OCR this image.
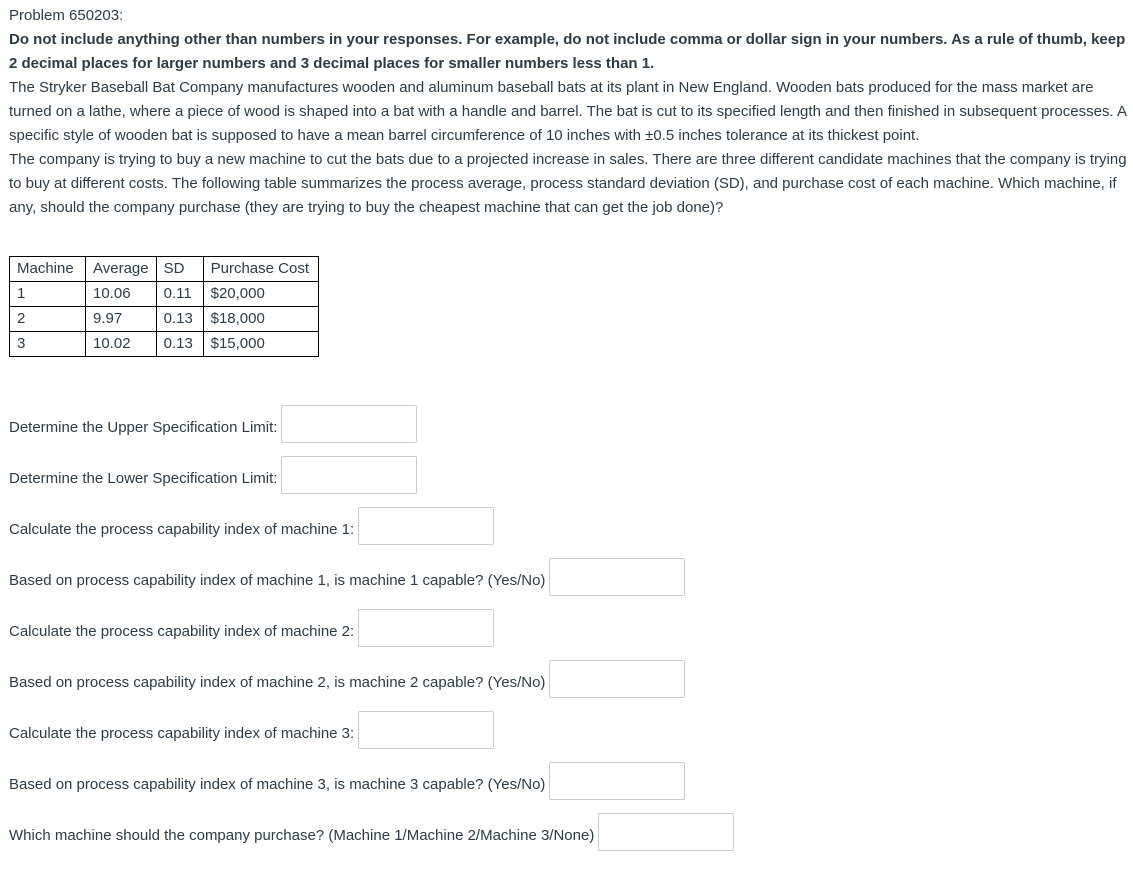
Problem 650203:

Do not include anything other than numbers in your responses. For example, do not include comma or dollar sign in your numbers. As a rule of thumb, keep 2 decimal places for larger numbers and 3 decimal places for smaller numbers less than 1.

The Stryker Baseball Bat Company manufactures wooden and aluminum baseball bats at its plant in New England. Wooden bats produced for the mass market are turned on a lathe, where a piece of wood is shaped into a bat with a handle and barrel. The bat is cut to its specified length and then finished in subsequent processes. A specific style of wooden bat is supposed to have a mean barrel circumference of 10 inches with ±0.5 inches tolerance at its thickest point.

The company is trying to buy a new machine to cut the bats due to a projected increase in sales. There are three different candidate machines that the company is trying to buy at different costs. The following table summarizes the process average, process standard deviation (SD), and purchase cost of each machine. Which machine, if any, should the company purchase (they are trying to buy the cheapest machine that can get the job done)?

Machine	Average	SD	Purchase Cost
1	10.06	0.11	$20,000
2	9.97	0.13	$18,000
3	10.02	0.13	$15,000
Determine the Upper Specification Limit:
Determine the Lower Specification Limit:
Calculate the process capability index of machine 1:
Based on process capability index of machine 1, is machine 1 capable? (Yes/No)
Calculate the process capability index of machine 2:
Based on process capability index of machine 2, is machine 2 capable? (Yes/No)
Calculate the process capability index of machine 3:
Based on process capability index of machine 3, is machine 3 capable? (Yes/No)
Which machine should the company purchase? (Machine 1/Machine 2/Machine 3/None)
